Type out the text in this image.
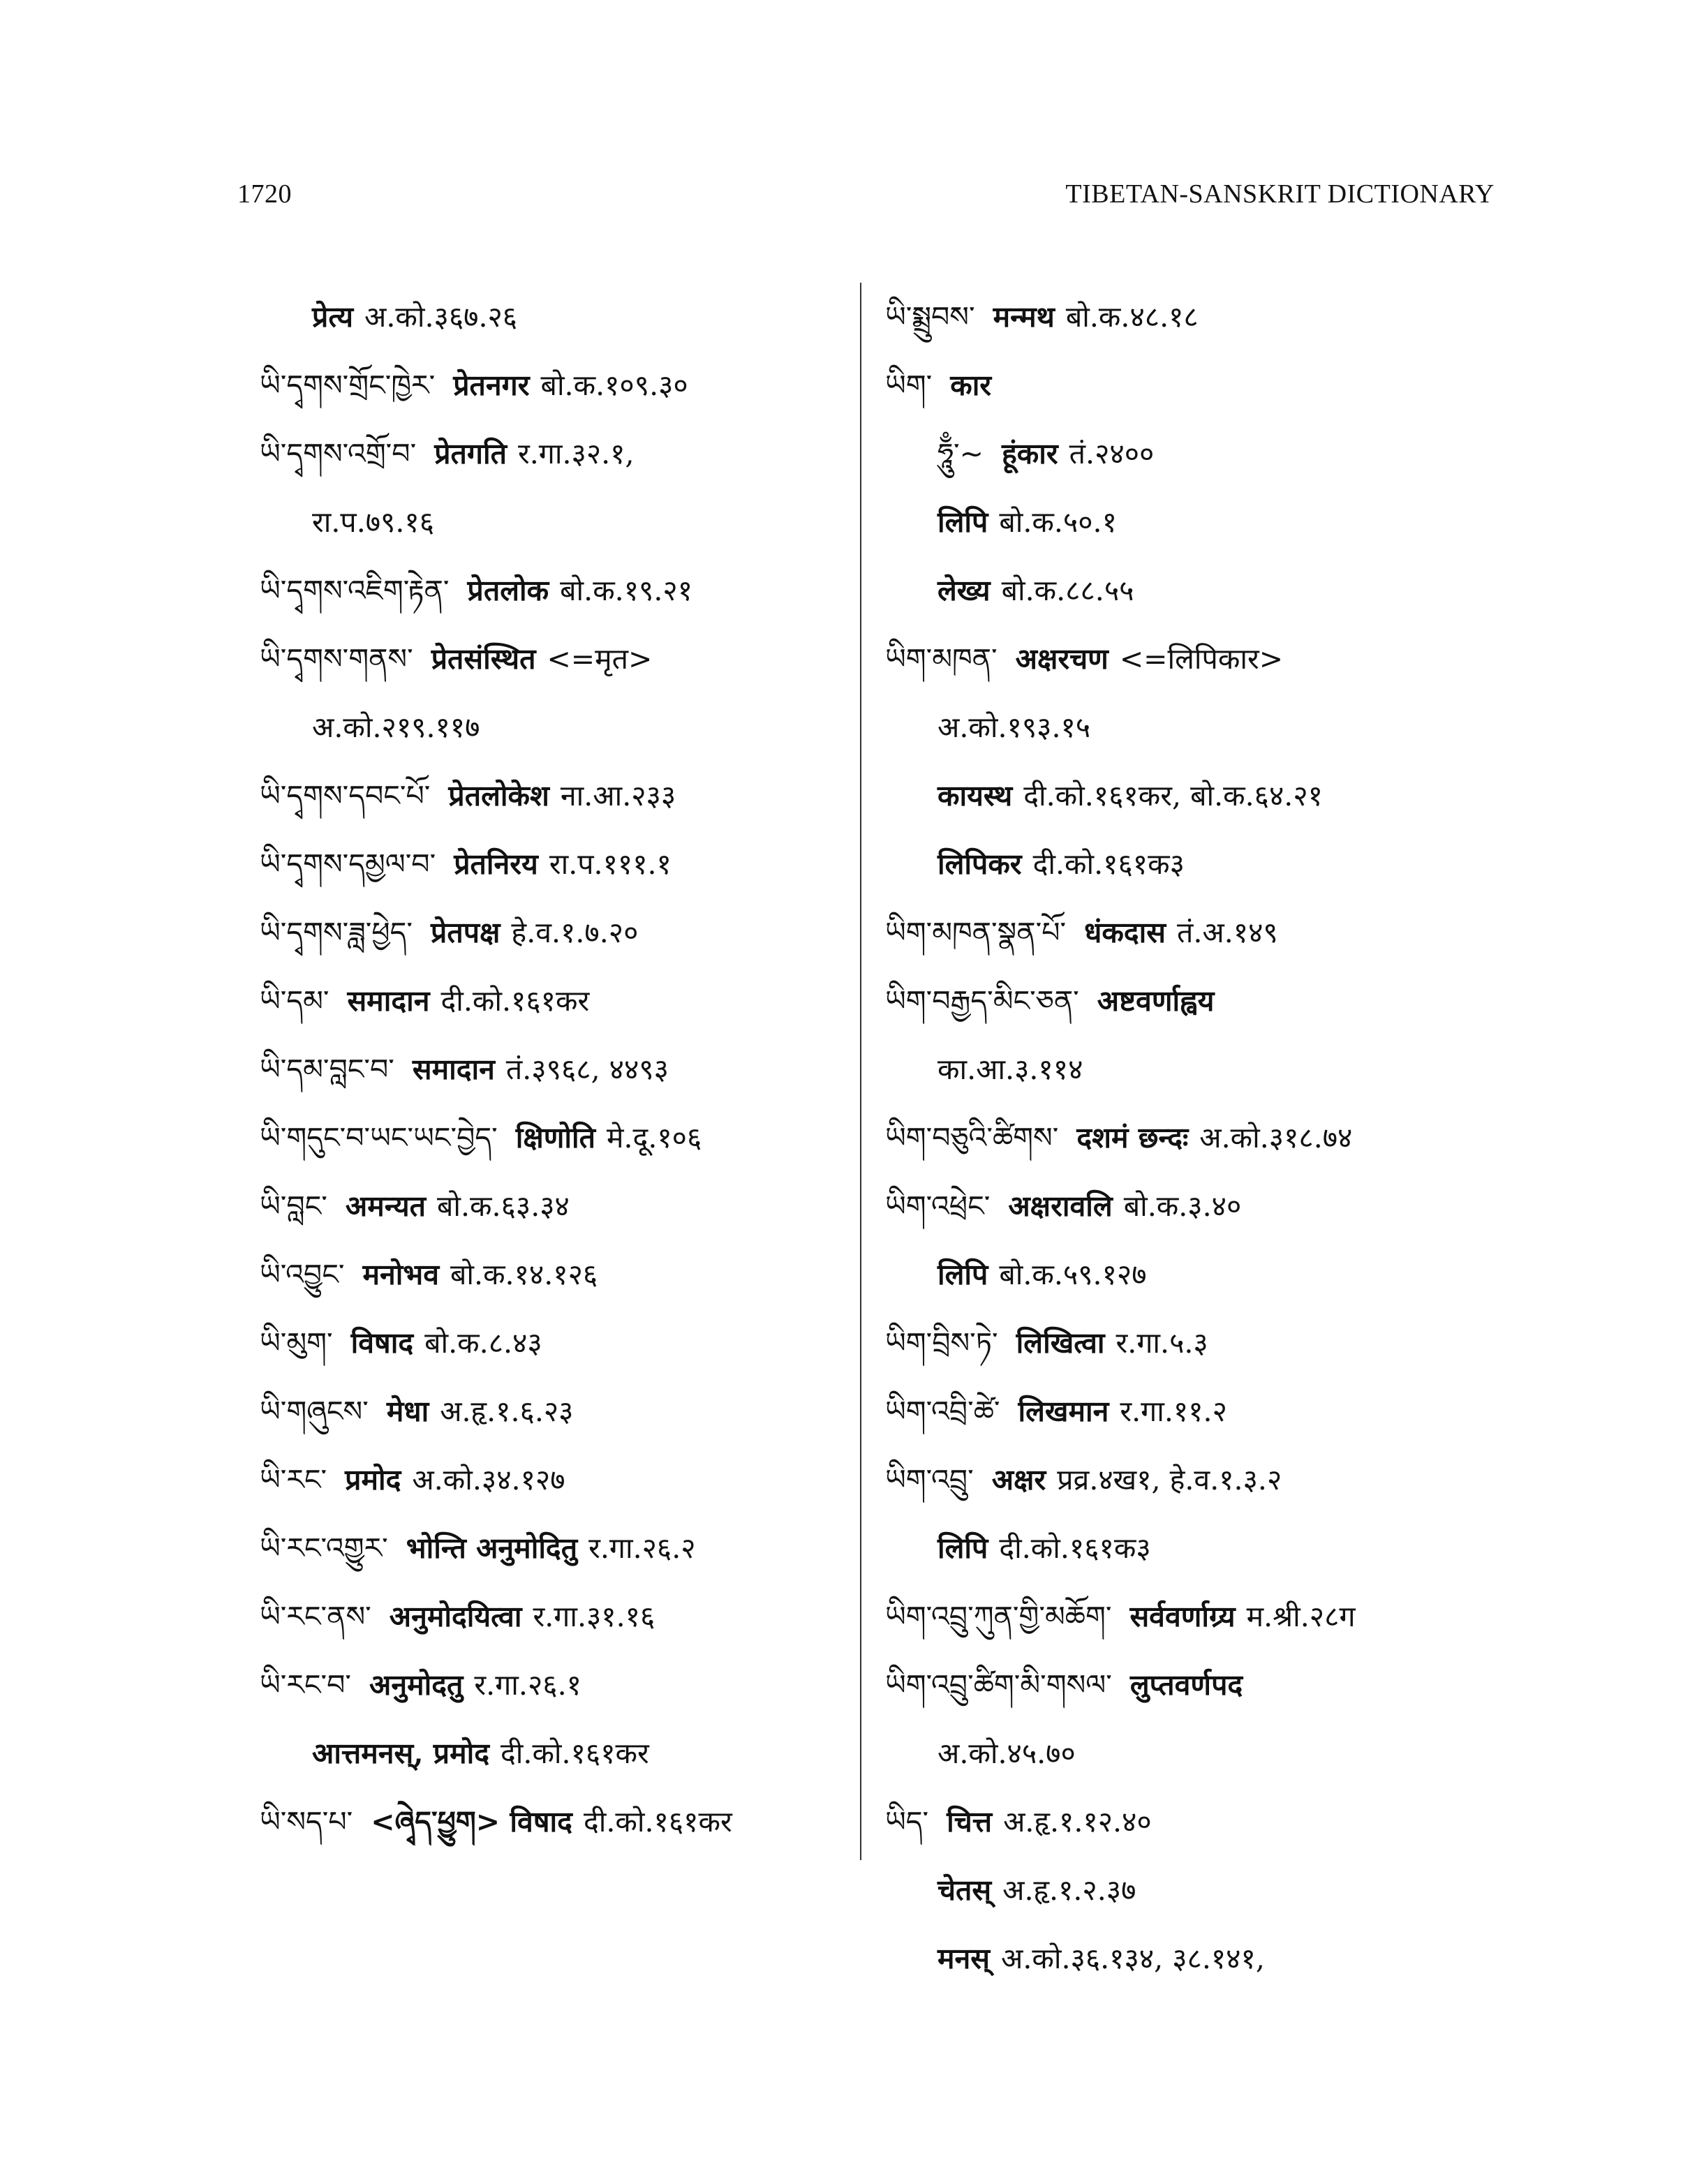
1720	TIBETAN-SANSKRIT DICTIONARY
प्रेत्य अ.को.३६७.२६
ཡི་དྭགས་གྲོང་ཁྱེར་ प्रेतनगर बो.क.१०९.३०
ཡི་དྭགས་འགྲོ་བ་ प्रेतगति र.गा.३२.१,
रा.प.७९.१६
ཡི་དྭགས་འཇིག་རྟེན་ प्रेतलोक बो.क.१९.२१
ཡི་དྭགས་གནས་ प्रेतसंस्थित <=मृत>
अ.को.२१९.११७
ཡི་དྭགས་དབང་པོ་ प्रेतलोकेश ना.आ.२३३
ཡི་དྭགས་དམྱལ་བ་ प्रेतनिरय रा.प.१११.१
ཡི་དྭགས་ཟླ་ཕྱེད་ प्रेतपक्ष हे.व.१.७.२०
ཡི་དམ་ समादान दी.को.१६१कर
ཡི་དམ་བླང་བ་ समादान तं.३९६८, ४४९३
ཡི་གདུང་བ་ཡང་ཡང་བྱེད་ क्षिणोति मे.दू.१०६
ཡི་བླང་ अमन्यत बो.क.६३.३४
ཡི་འབྱུང་ मनोभव बो.क.१४.१२६
ཡི་མུག་ विषाद बो.क.८.४३
ཡི་གཞུངས་ मेधा अ.हृ.१.६.२३
ཡི་རང་ प्रमोद अ.को.३४.१२७
ཡི་རང་འགྱུར་ भोन्ति अनुमोदितु र.गा.२६.२
ཡི་རང་ནས་ अनुमोदयित्वा र.गा.३१.१६
ཡི་རང་བ་ अनुमोदतु र.गा.२६.१
आत्तमनस्, प्रमोद दी.को.१६१कर
ཡི་སད་པ་ <ཞྭེད་ཕྱུག> विषाद दी.को.१६१कर
ཡི་སྨྲུབས་ मन्मथ बो.क.४८.१८
ཡིག་ कार
ཧཱུྃ་~ हूंकार तं.२४००
लिपि बो.क.५०.१
लेख्य बो.क.८८.५५
ཡིག་མཁན་ अक्षरचण <=लिपिकार>
अ.को.१९३.१५
कायस्थ दी.को.१६१कर, बो.क.६४.२१
लिपिकर दी.को.१६१क३
ཡིག་མཁན་སྣན་པོ་ धंकदास तं.अ.१४९
ཡིག་བརྒྱད་མིང་ཅན་ अष्टवर्णाह्वय
का.आ.३.११४
ཡིག་བཅུའི་ཚིགས་ दशमं छन्दः अ.को.३१८.७४
ཡིག་འཕྲེང་ अक्षरावलि बो.क.३.४०
लिपि बो.क.५९.१२७
ཡིག་བྲིས་ཏེ་ लिखित्वा र.गा.५.३
ཡིག་འབྲི་ཚེ་ लिखमान र.गा.११.२
ཡིག་འབྲུ་ अक्षर प्रव्र.४ख१, हे.व.१.३.२
लिपि दी.को.१६१क३
ཡིག་འབྲུ་ཀུན་གྱི་མཆོག་ सर्ववर्णाग्र्य म.श्री.२८ग
ཡིག་འབྲུ་ཚིག་མི་གསལ་ लुप्तवर्णपद
अ.को.४५.७०
ཡིད་ चित्त अ.हृ.१.१२.४०
चेतस् अ.हृ.१.२.३७
मनस् अ.को.३६.१३४, ३८.१४१,
